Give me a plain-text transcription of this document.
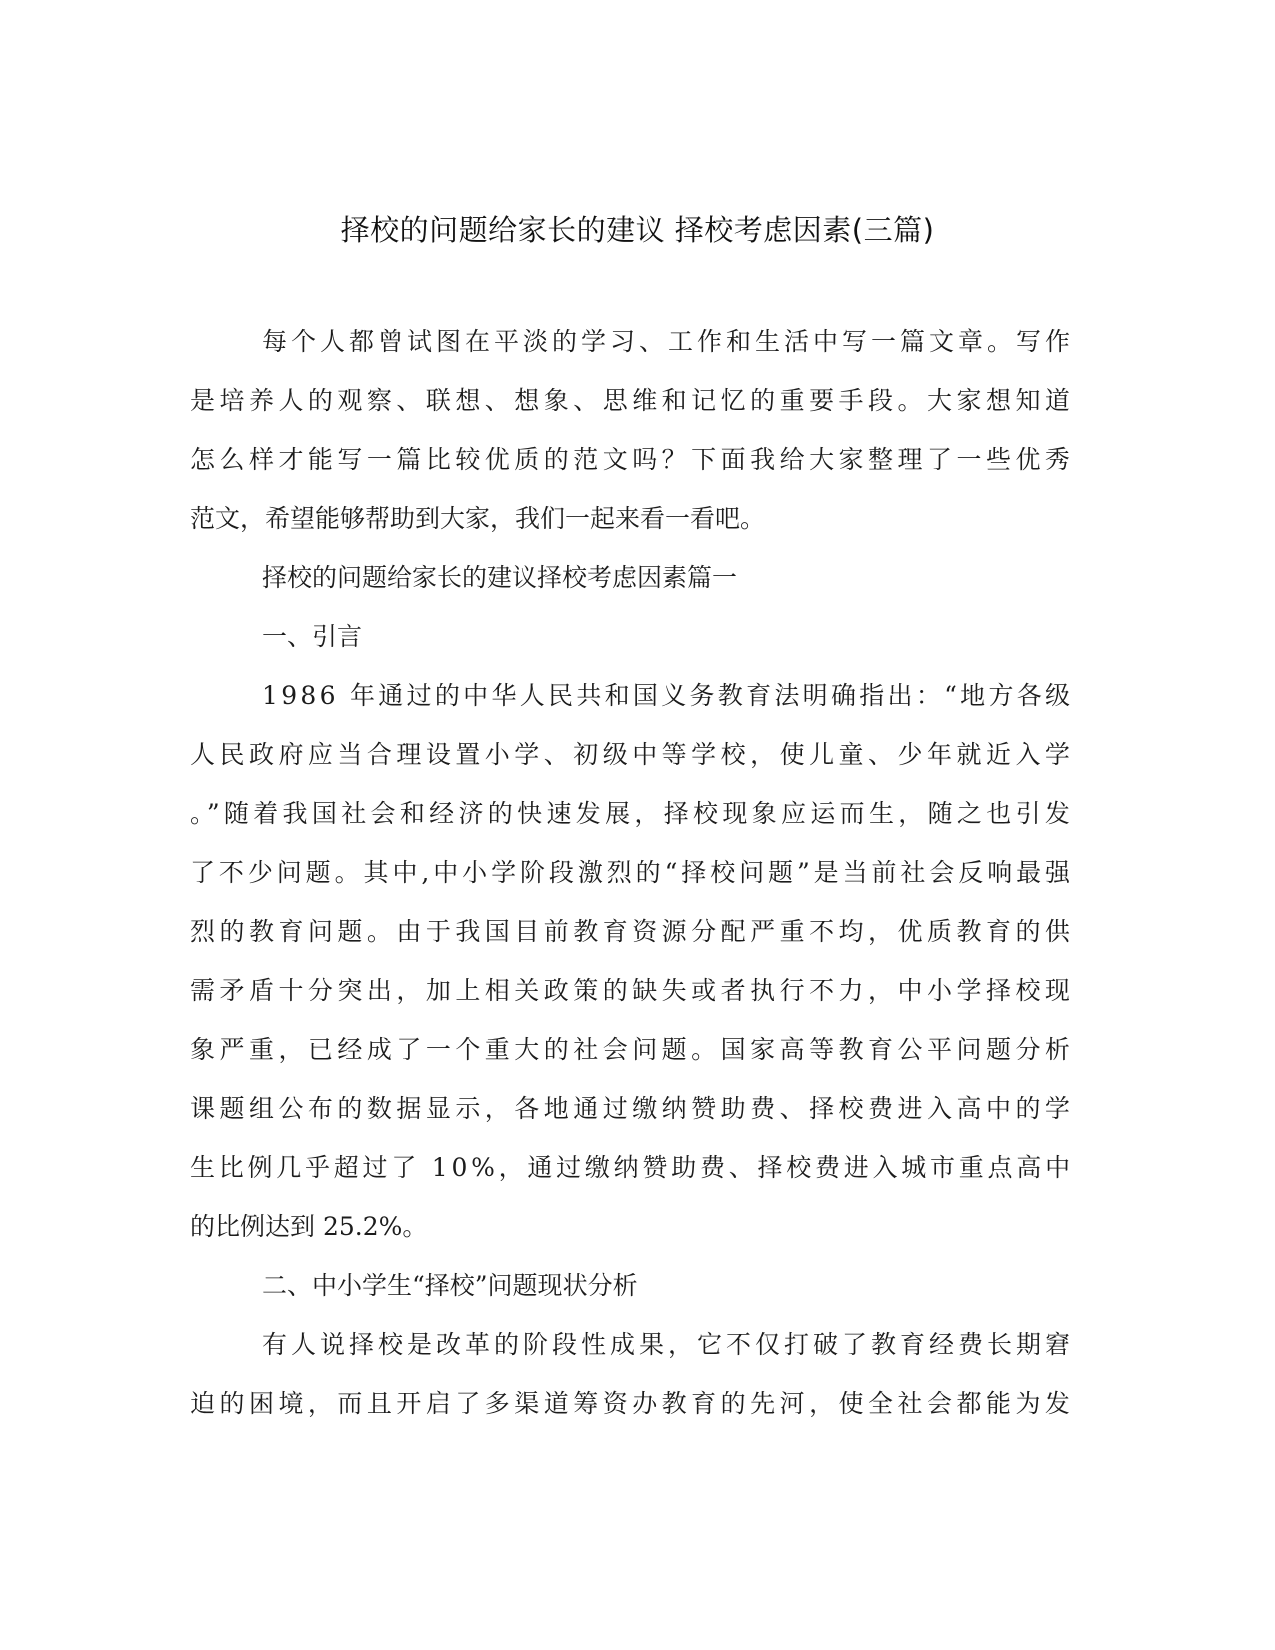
择校的问题给家长的建议 择校考虑因素(三篇)
每个人都曾试图在平淡的学习、工作和生活中写一篇文章。写作
是培养人的观察、联想、想象、思维和记忆的重要手段。大家想知道
怎么样才能写一篇比较优质的范文吗？下面我给大家整理了一些优秀
范文，希望能够帮助到大家，我们一起来看一看吧。
择校的问题给家长的建议择校考虑因素篇一
一、引言
1986 年通过的中华人民共和国义务教育法明确指出：“地方各级
人民政府应当合理设置小学、初级中等学校，使儿童、少年就近入学
。”随着我国社会和经济的快速发展，择校现象应运而生，随之也引发
了不少问题。其中,中小学阶段激烈的“择校问题”是当前社会反响最强
烈的教育问题。由于我国目前教育资源分配严重不均，优质教育的供
需矛盾十分突出，加上相关政策的缺失或者执行不力，中小学择校现
象严重，已经成了一个重大的社会问题。国家高等教育公平问题分析
课题组公布的数据显示，各地通过缴纳赞助费、择校费进入高中的学
生比例几乎超过了 10%，通过缴纳赞助费、择校费进入城市重点高中
的比例达到 25.2%。
二、中小学生“择校”问题现状分析
有人说择校是改革的阶段性成果，它不仅打破了教育经费长期窘
迫的困境，而且开启了多渠道筹资办教育的先河，使全社会都能为发
